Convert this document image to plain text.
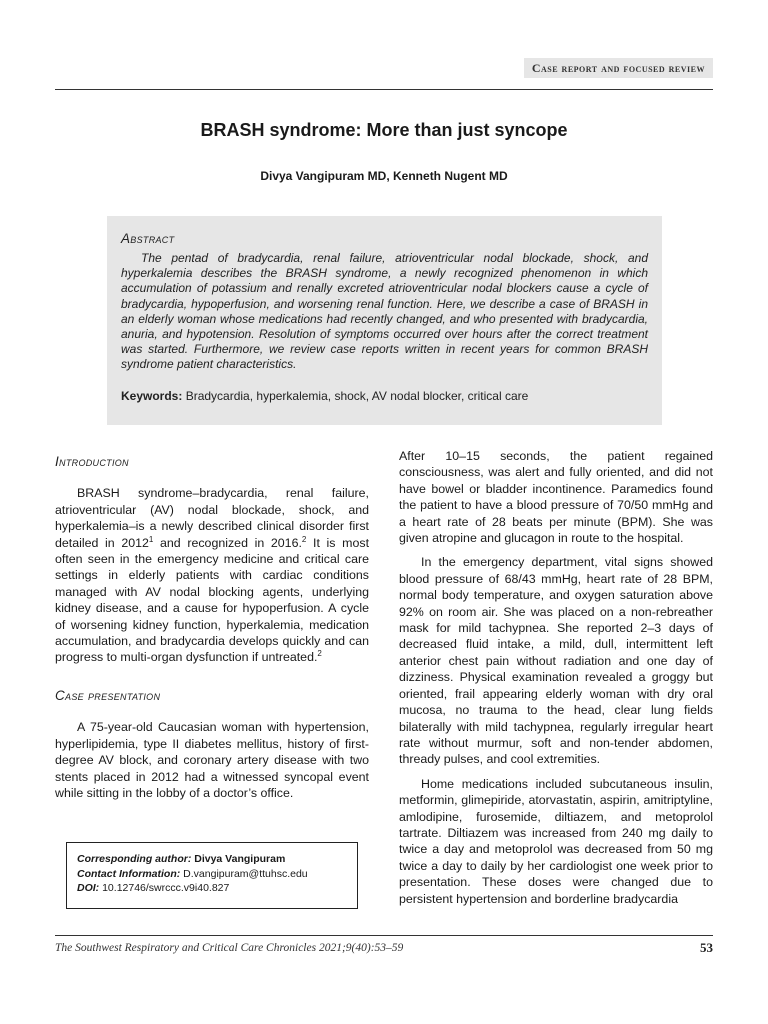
Case report and focused review
BRASH syndrome: More than just syncope
Divya Vangipuram MD, Kenneth Nugent MD
Abstract

The pentad of bradycardia, renal failure, atrioventricular nodal blockade, shock, and hyperkalemia describes the BRASH syndrome, a newly recognized phenomenon in which accumulation of potassium and renally excreted atrioventricular nodal blockers cause a cycle of bradycardia, hypoperfusion, and worsening renal function. Here, we describe a case of BRASH in an elderly woman whose medications had recently changed, and who presented with bradycardia, anuria, and hypotension. Resolution of symptoms occurred over hours after the correct treatment was started. Furthermore, we review case reports written in recent years for common BRASH syndrome patient characteristics.

Keywords: Bradycardia, hyperkalemia, shock, AV nodal blocker, critical care
Introduction

BRASH syndrome–bradycardia, renal failure, atrioventricular (AV) nodal blockade, shock, and hyperkalemia–is a newly described clinical disorder first detailed in 2012$^1$ and recognized in 2016.$^2$ It is most often seen in the emergency medicine and critical care settings in elderly patients with cardiac conditions managed with AV nodal blocking agents, underlying kidney disease, and a cause for hypoperfusion. A cycle of worsening kidney function, hyperkalemia, medication accumulation, and bradycardia develops quickly and can progress to multi-organ dysfunction if untreated.$^2$

Case presentation

A 75-year-old Caucasian woman with hypertension, hyperlipidemia, type II diabetes mellitus, history of first-degree AV block, and coronary artery disease with two stents placed in 2012 had a witnessed syncopal event while sitting in the lobby of a doctor’s office.

Corresponding author: Divya Vangipuram
Contact Information: D.vangipuram@ttuhsc.edu
DOI: 10.12746/swrccc.v9i40.827

After 10–15 seconds, the patient regained consciousness, was alert and fully oriented, and did not have bowel or bladder incontinence. Paramedics found the patient to have a blood pressure of 70/50 mmHg and a heart rate of 28 beats per minute (BPM). She was given atropine and glucagon in route to the hospital.

In the emergency department, vital signs showed blood pressure of 68/43 mmHg, heart rate of 28 BPM, normal body temperature, and oxygen saturation above 92% on room air. She was placed on a non-rebreather mask for mild tachypnea. She reported 2–3 days of decreased fluid intake, a mild, dull, intermittent left anterior chest pain without radiation and one day of dizziness. Physical examination revealed a groggy but oriented, frail appearing elderly woman with dry oral mucosa, no trauma to the head, clear lung fields bilaterally with mild tachypnea, regularly irregular heart rate without murmur, soft and non-tender abdomen, thready pulses, and cool extremities.

Home medications included subcutaneous insulin, metformin, glimepiride, atorvastatin, aspirin, amitriptyline, amlodipine, furosemide, diltiazem, and metoprolol tartrate. Diltiazem was increased from 240 mg daily to twice a day and metoprolol was decreased from 50 mg twice a day to daily by her cardiologist one week prior to presentation. These doses were changed due to persistent hypertension and borderline bradycardia

The Southwest Respiratory and Critical Care Chronicles 2021;9(40):53–59	53
